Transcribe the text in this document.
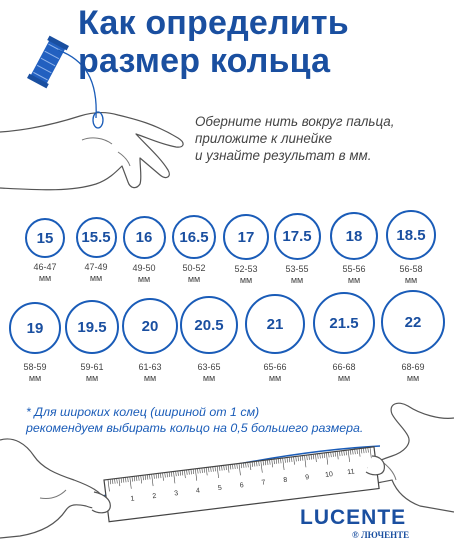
Как определить
размер кольца
Оберните нить вокруг пальца,
приложите к линейке
и узнайте результат в мм.
15
46-47
мм
15.5
47-49
мм
16
49-50
мм
16.5
50-52
мм
17
52-53
мм
17.5
53-55
мм
18
55-56
мм
18.5
56-58
мм
19
58-59
мм
19.5
59-61
мм
20
61-63
мм
20.5
63-65
мм
21
65-66
мм
21.5
66-68
мм
22
68-69
мм
* Для широких колец (шириной от 1 см)
рекомендуем выбирать кольцо на 0,5 большего размера.
1 2 3 4 5 6 7 8 9 10 11
LUCENTE
® ЛЮЧЕНТЕ
